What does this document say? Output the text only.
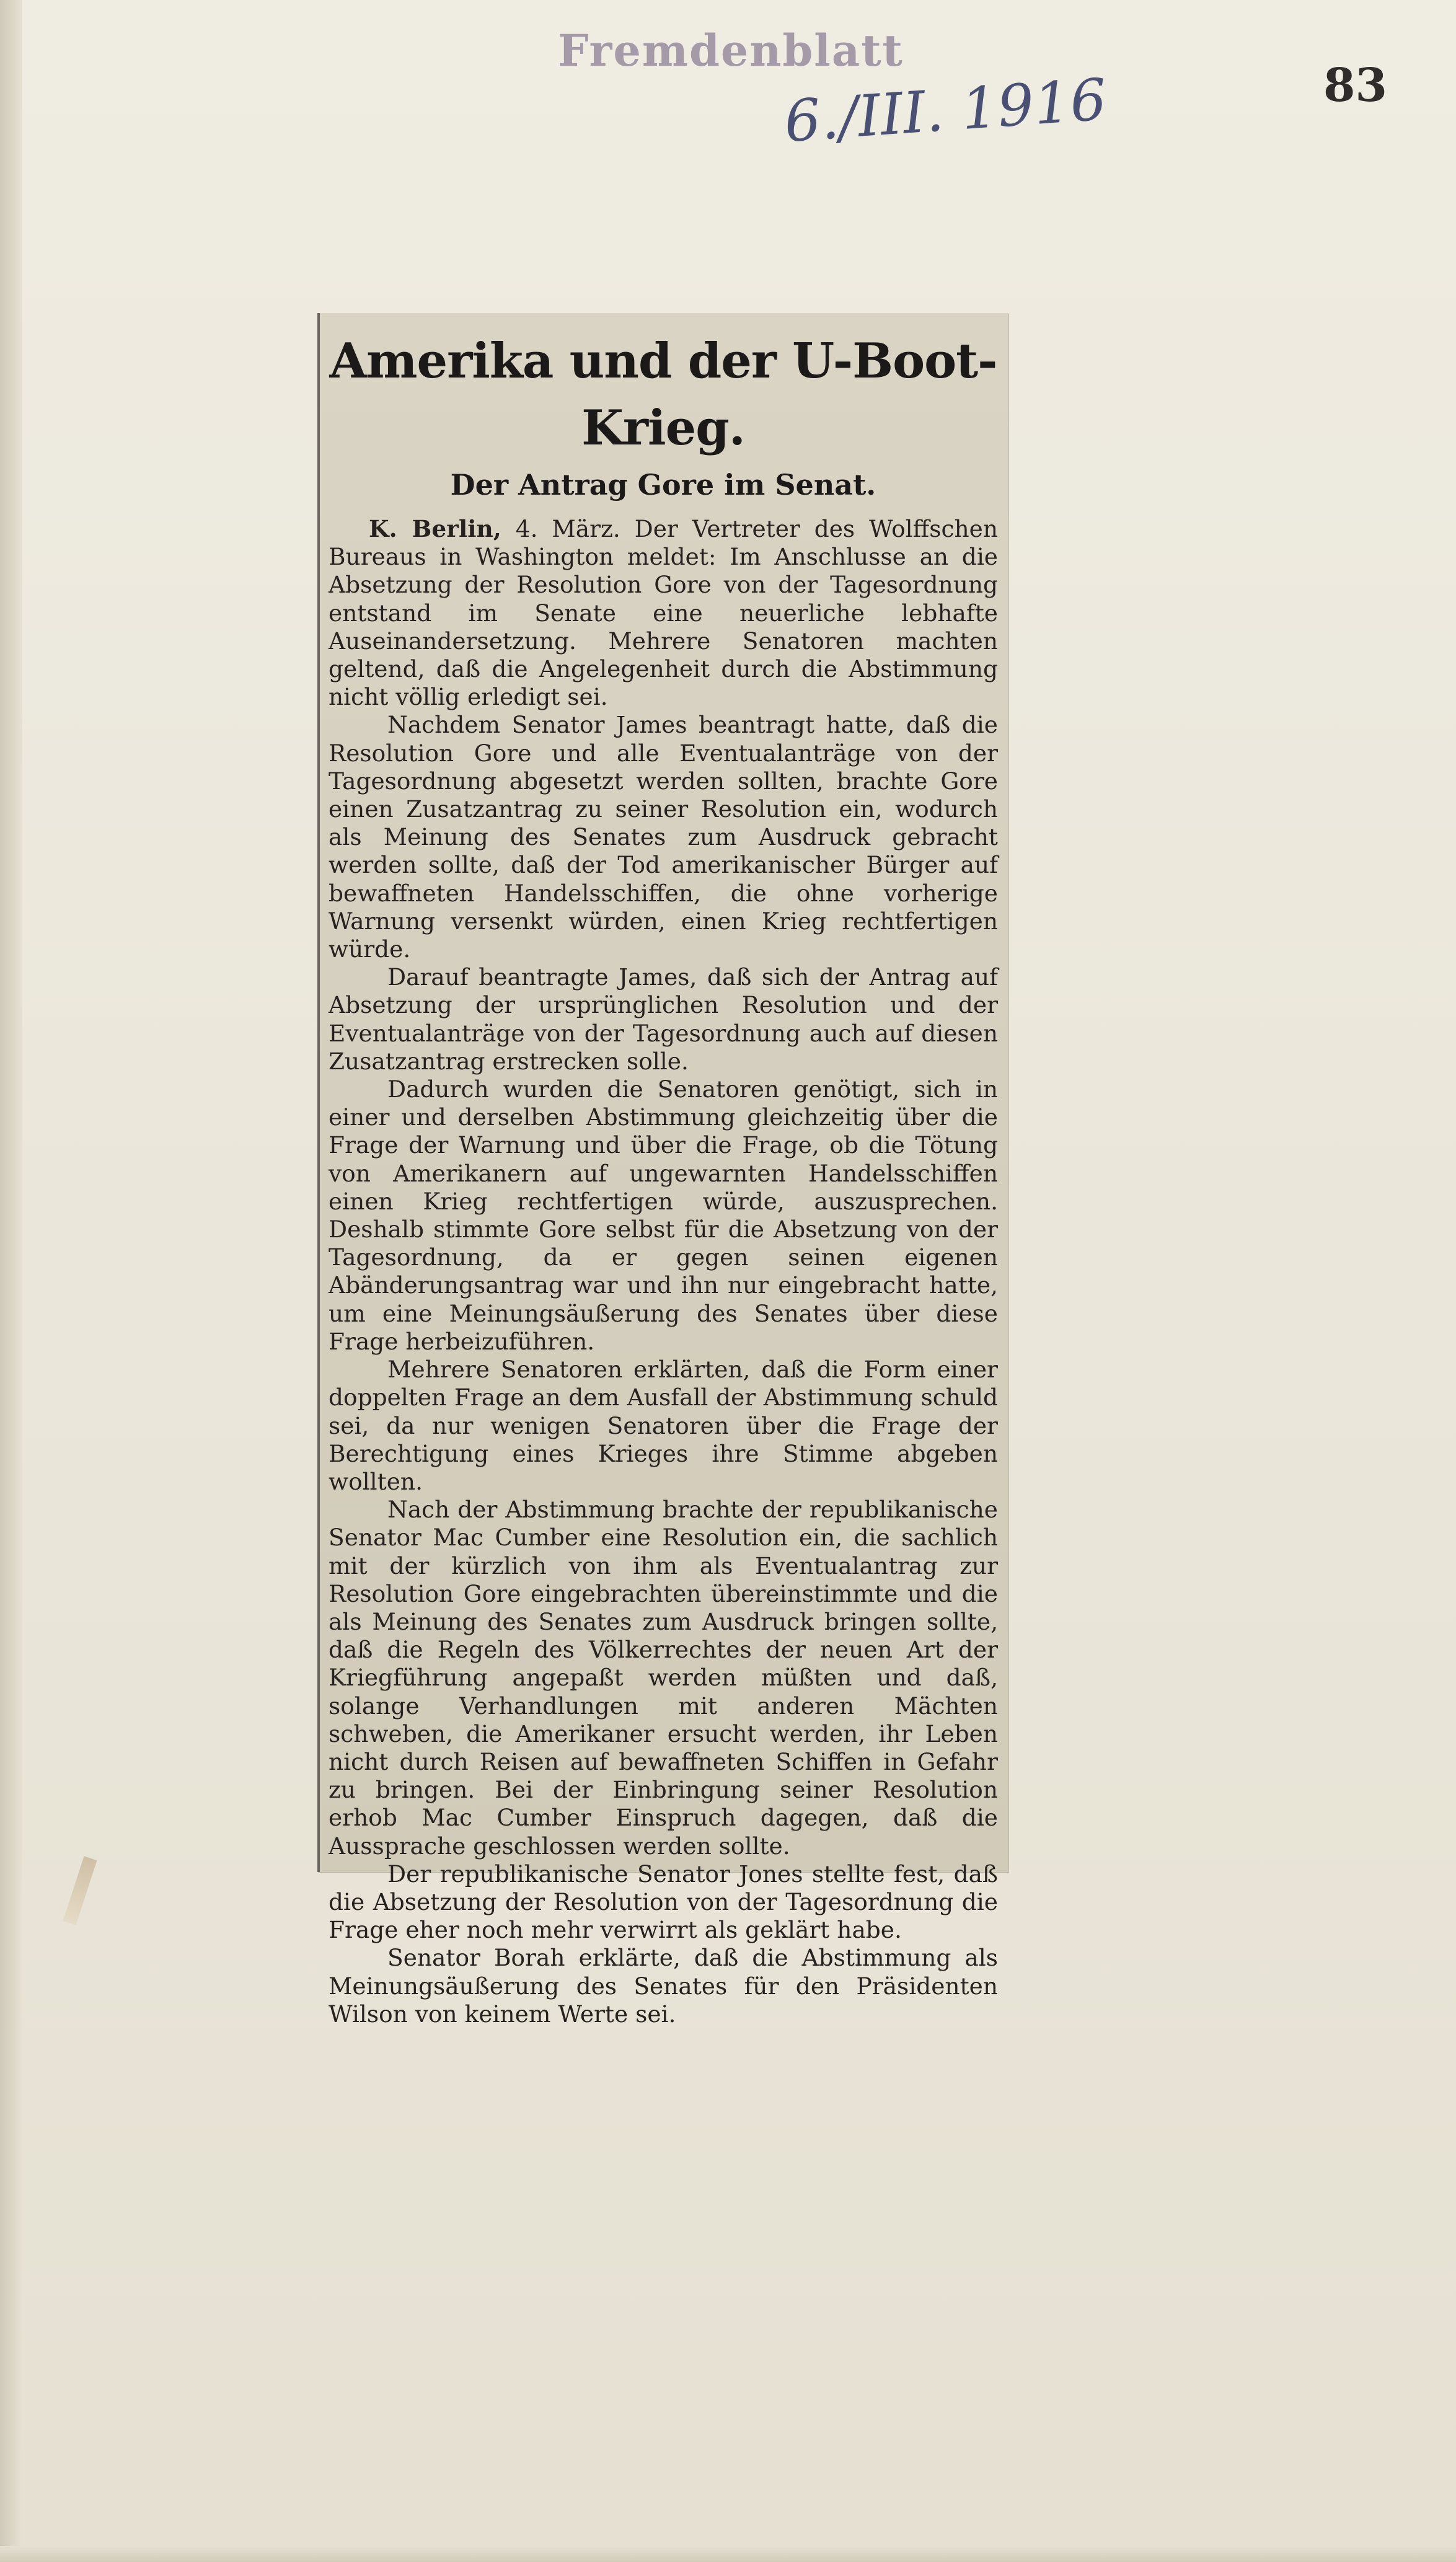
Fremdenblatt
6./III. 1916	83
Amerika und der U-Boot-Krieg.
Der Antrag Gore im Senat.

K. Berlin, 4. März. Der Vertreter des Wolffschen Bureaus in Washington meldet: Im Anschlusse an die Absetzung der Resolution Gore von der Tagesordnung entstand im Senate eine neuerliche lebhafte Auseinandersetzung. Mehrere Senatoren machten geltend, daß die Angelegenheit durch die Abstimmung nicht völlig erledigt sei.

Nachdem Senator James beantragt hatte, daß die Resolution Gore und alle Eventualanträge von der Tagesordnung abgesetzt werden sollten, brachte Gore einen Zusatzantrag zu seiner Resolution ein, wodurch als Meinung des Senates zum Ausdruck gebracht werden sollte, daß der Tod amerikanischer Bürger auf bewaffneten Handelsschiffen, die ohne vorherige Warnung versenkt würden, einen Krieg rechtfertigen würde.

Darauf beantragte James, daß sich der Antrag auf Absetzung der ursprünglichen Resolution und der Eventualanträge von der Tagesordnung auch auf diesen Zusatzantrag erstrecken solle.

Dadurch wurden die Senatoren genötigt, sich in einer und derselben Abstimmung gleichzeitig über die Frage der Warnung und über die Frage, ob die Tötung von Amerikanern auf ungewarnten Handelsschiffen einen Krieg rechtfertigen würde, auszusprechen. Deshalb stimmte Gore selbst für die Absetzung von der Tagesordnung, da er gegen seinen eigenen Abänderungsantrag war und ihn nur eingebracht hatte, um eine Meinungsäußerung des Senates über diese Frage herbeizuführen.

Mehrere Senatoren erklärten, daß die Form einer doppelten Frage an dem Ausfall der Abstimmung schuld sei, da nur wenigen Senatoren über die Frage der Berechtigung eines Krieges ihre Stimme abgeben wollten.

Nach der Abstimmung brachte der republikanische Senator Mac Cumber eine Resolution ein, die sachlich mit der kürzlich von ihm als Eventualantrag zur Resolution Gore eingebrachten übereinstimmte und die als Meinung des Senates zum Ausdruck bringen sollte, daß die Regeln des Völkerrechtes der neuen Art der Kriegführung angepaßt werden müßten und daß, solange Verhandlungen mit anderen Mächten schweben, die Amerikaner ersucht werden, ihr Leben nicht durch Reisen auf bewaffneten Schiffen in Gefahr zu bringen. Bei der Einbringung seiner Resolution erhob Mac Cumber Einspruch dagegen, daß die Aussprache geschlossen werden sollte.

Der republikanische Senator Jones stellte fest, daß die Absetzung der Resolution von der Tagesordnung die Frage eher noch mehr verwirrt als geklärt habe.

Senator Borah erklärte, daß die Abstimmung als Meinungsäußerung des Senates für den Präsidenten Wilson von keinem Werte sei.
